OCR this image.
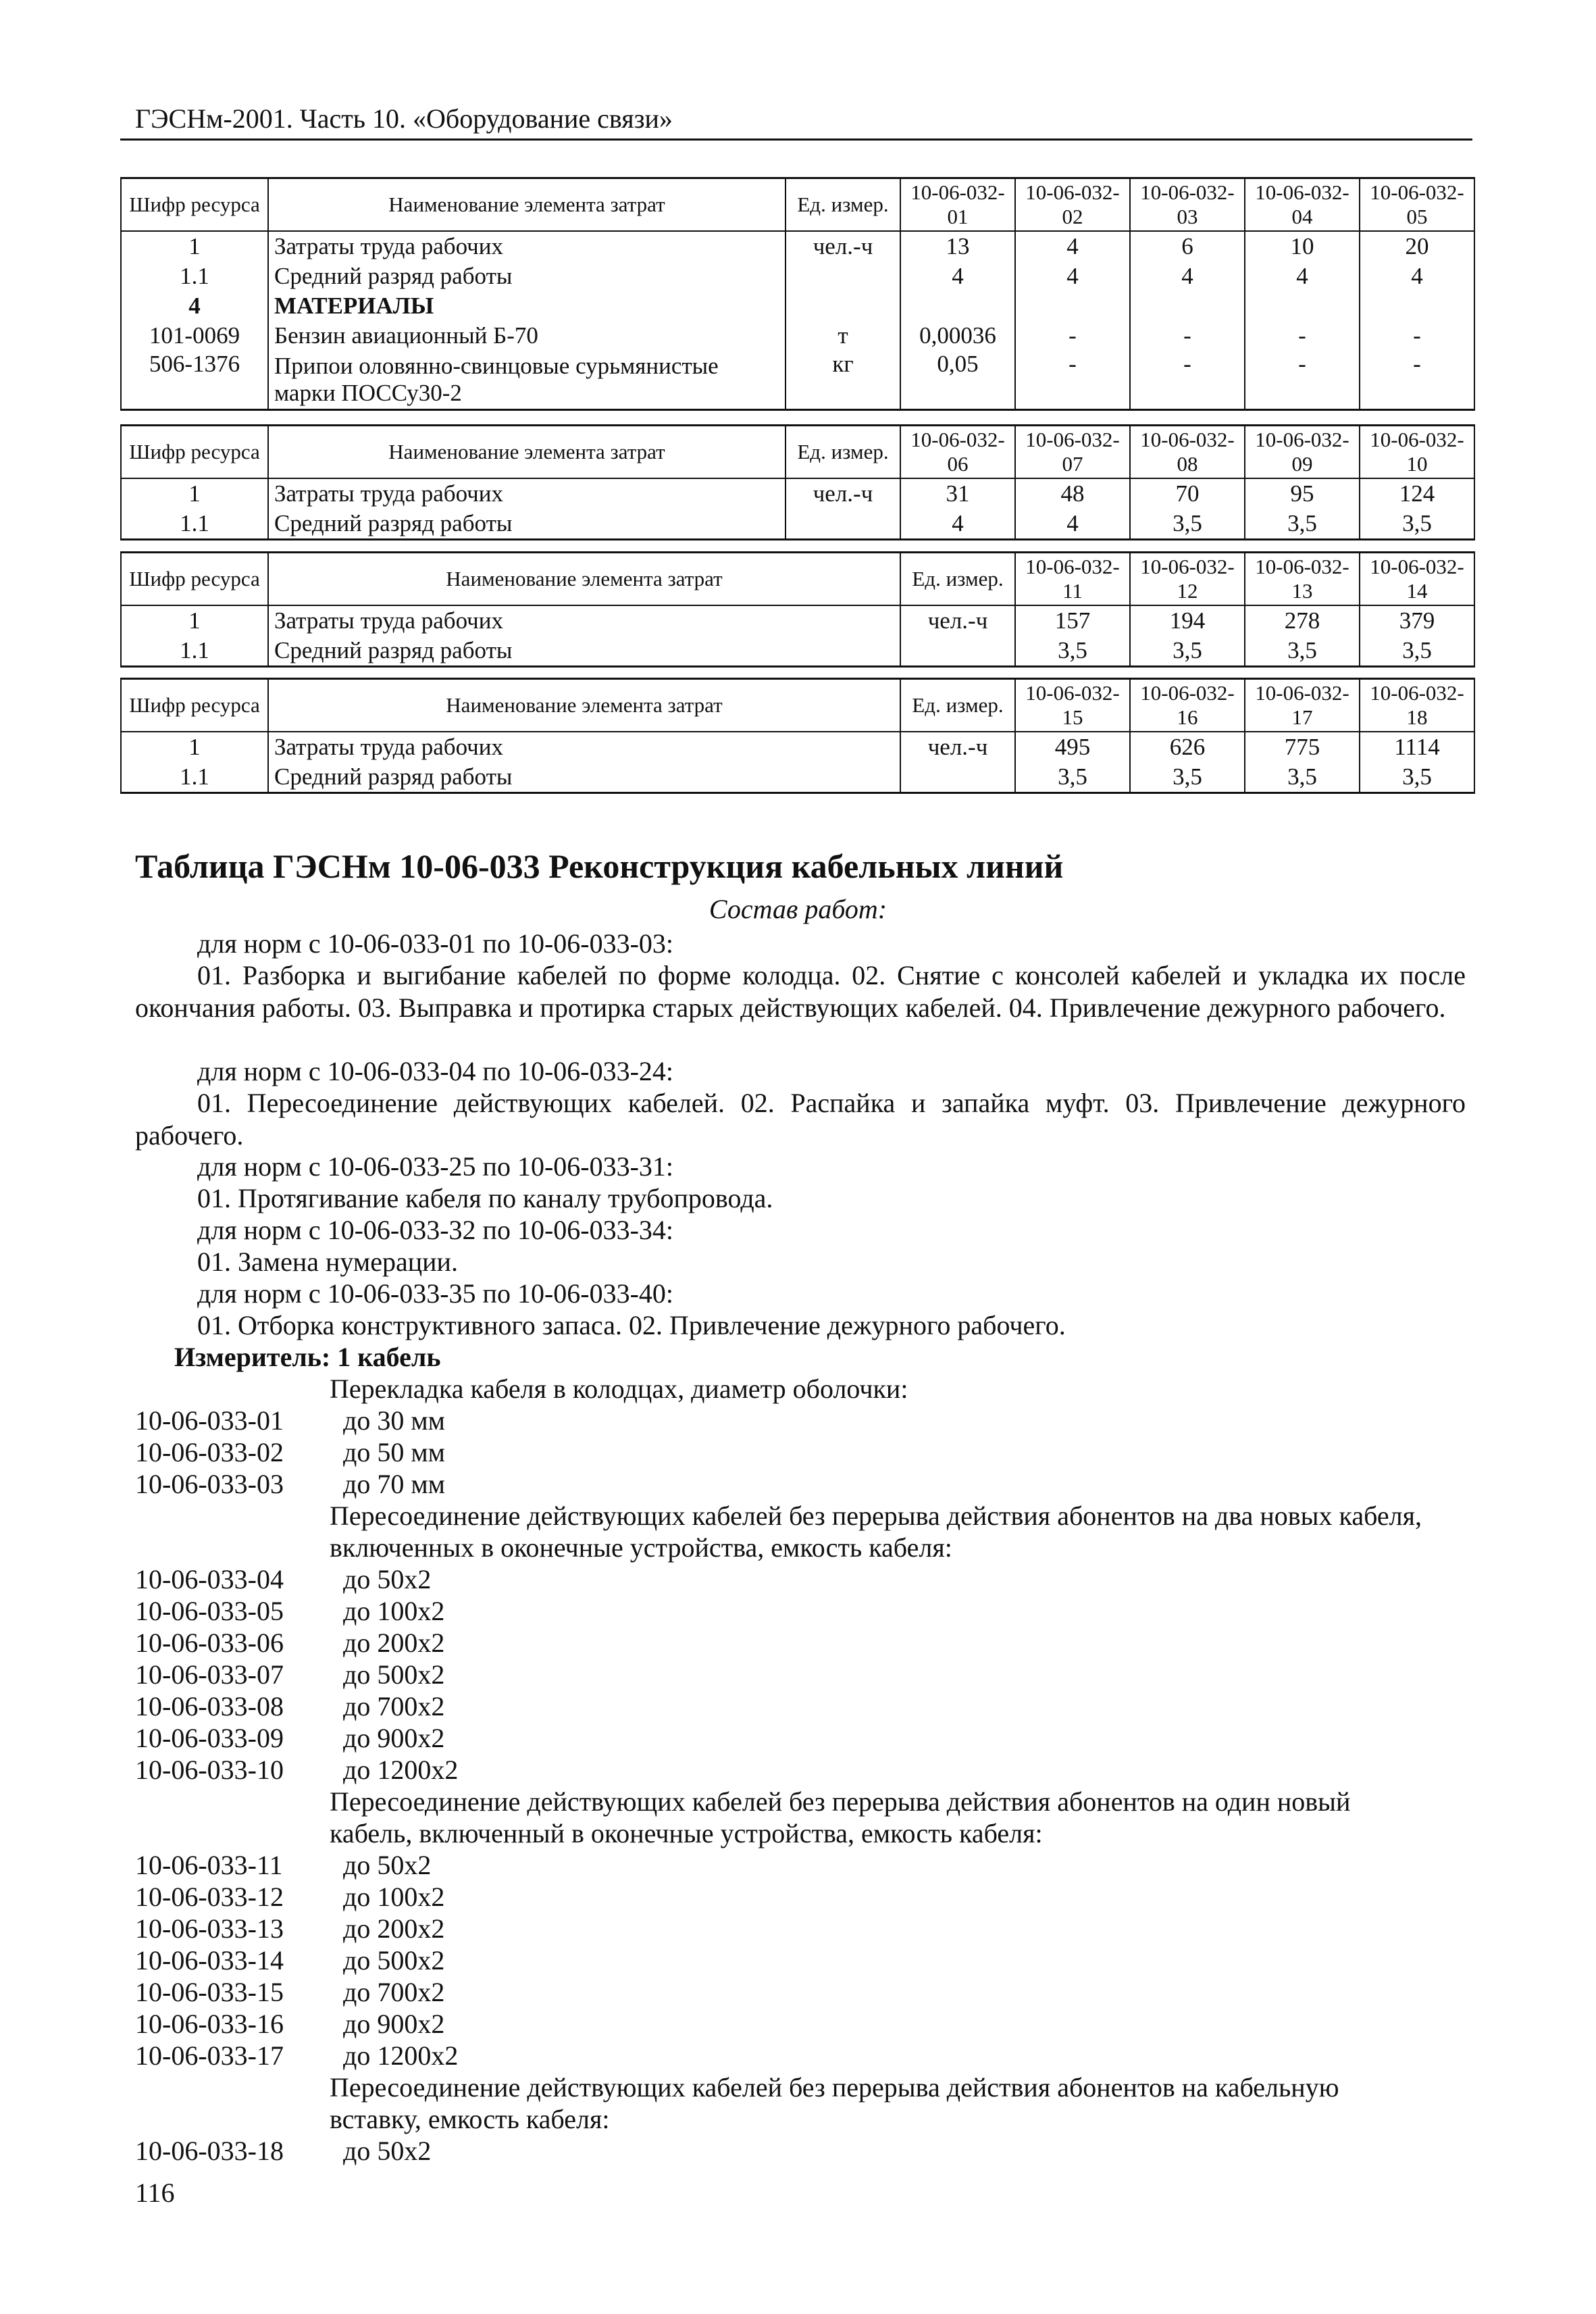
ГЭСНм-2001. Часть 10. «Оборудование связи»
Шифр ресурса	Наименование элемента затрат	Ед. измер.	10-06-032-01	10-06-032-02	10-06-032-03	10-06-032-04	10-06-032-05
1	Затраты труда рабочих	чел.-ч	13	4	6	10	20
1.1	Средний разряд работы		4	4	4	4	4
4	МАТЕРИАЛЫ						
101-0069	Бензин авиационный Б-70	т	0,00036	-	-	-	-
506-1376	Припои оловянно-свинцовые сурьмянистые марки ПОССу30-2	кг	0,05	-	-	-	-
Шифр ресурса	Наименование элемента затрат	Ед. измер.	10-06-032-06	10-06-032-07	10-06-032-08	10-06-032-09	10-06-032-10
1	Затраты труда рабочих	чел.-ч	31	48	70	95	124
1.1	Средний разряд работы		4	4	3,5	3,5	3,5
Шифр ресурса	Наименование элемента затрат	Ед. измер.	10-06-032-11	10-06-032-12	10-06-032-13	10-06-032-14
1	Затраты труда рабочих	чел.-ч	157	194	278	379
1.1	Средний разряд работы		3,5	3,5	3,5	3,5
Шифр ресурса	Наименование элемента затрат	Ед. измер.	10-06-032-15	10-06-032-16	10-06-032-17	10-06-032-18
1	Затраты труда рабочих	чел.-ч	495	626	775	1114
1.1	Средний разряд работы		3,5	3,5	3,5	3,5
Таблица ГЭСНм 10-06-033 Реконструкция кабельных линий
Состав работ:
для норм с 10-06-033-01 по 10-06-033-03:
01. Разборка и выгибание кабелей по форме колодца. 02. Снятие с консолей кабелей и укладка их после окончания работы. 03. Выправка и протирка старых действующих кабелей. 04. Привлечение дежурного рабочего.
для норм с 10-06-033-04 по 10-06-033-24:
01. Пересоединение действующих кабелей. 02. Распайка и запайка муфт. 03. Привлечение дежурного рабочего.
для норм с 10-06-033-25 по 10-06-033-31:
01. Протягивание кабеля по каналу трубопровода.
для норм с 10-06-033-32 по 10-06-033-34:
01. Замена нумерации.
для норм с 10-06-033-35 по 10-06-033-40:
01. Отборка конструктивного запаса. 02. Привлечение дежурного рабочего.
Измеритель: 1 кабель
Перекладка кабеля в колодцах, диаметр оболочки:
10-06-033-01 до 30 мм
10-06-033-02 до 50 мм
10-06-033-03 до 70 мм
Пересоединение действующих кабелей без перерыва действия абонентов на два новых кабеля, включенных в оконечные устройства, емкость кабеля:
10-06-033-04 до 50х2
10-06-033-05 до 100х2
10-06-033-06 до 200х2
10-06-033-07 до 500х2
10-06-033-08 до 700х2
10-06-033-09 до 900х2
10-06-033-10 до 1200х2
Пересоединение действующих кабелей без перерыва действия абонентов на один новый кабель, включенный в оконечные устройства, емкость кабеля:
10-06-033-11 до 50х2
10-06-033-12 до 100х2
10-06-033-13 до 200х2
10-06-033-14 до 500х2
10-06-033-15 до 700х2
10-06-033-16 до 900х2
10-06-033-17 до 1200х2
Пересоединение действующих кабелей без перерыва действия абонентов на кабельную вставку, емкость кабеля:
10-06-033-18 до 50х2
116
